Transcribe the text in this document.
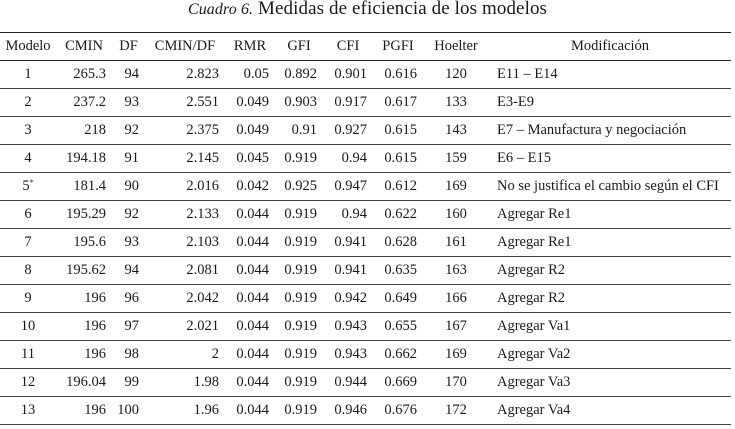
Cuadro 6. Medidas de eficiencia de los modelos
Modelo	CMIN	DF	CMIN/DF	RMR	GFI	CFI	PGFI	Hoelter	Modificación
1	265.3	94	2.823	0.05	0.892	0.901	0.616	120	E11 – E14
2	237.2	93	2.551	0.049	0.903	0.917	0.617	133	E3-E9
3	218	92	2.375	0.049	0.91	0.927	0.615	143	E7 – Manufactura y negociación
4	194.18	91	2.145	0.045	0.919	0.94	0.615	159	E6 – E15
5*	181.4	90	2.016	0.042	0.925	0.947	0.612	169	No se justifica el cambio según el CFI
6	195.29	92	2.133	0.044	0.919	0.94	0.622	160	Agregar Re1
7	195.6	93	2.103	0.044	0.919	0.941	0.628	161	Agregar Re1
8	195.62	94	2.081	0.044	0.919	0.941	0.635	163	Agregar R2
9	196	96	2.042	0.044	0.919	0.942	0.649	166	Agregar R2
10	196	97	2.021	0.044	0.919	0.943	0.655	167	Agregar Va1
11	196	98	2	0.044	0.919	0.943	0.662	169	Agregar Va2
12	196.04	99	1.98	0.044	0.919	0.944	0.669	170	Agregar Va3
13	196	100	1.96	0.044	0.919	0.946	0.676	172	Agregar Va4
